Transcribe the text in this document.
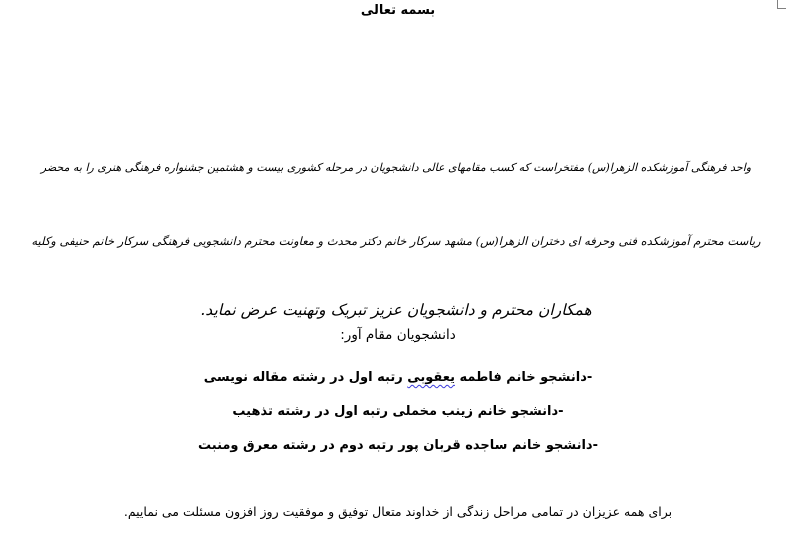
بسمه تعالی
واحد فرهنگی آموزشکده الزهرا(س) مفتخراست که کسب مقامهای عالی دانشجویان در مرحله کشوری بیست و هشتمین جشنواره فرهنگی هنری را به محضر
ریاست محترم آموزشکده فنی وحرفه ای دختران الزهرا(س) مشهد سرکار خانم دکتر محدث و معاونت محترم دانشجویی فرهنگی سرکار خانم حنیفی وکلیه
همکاران محترم و دانشجویان عزیز تبریک وتهنیت عرض نماید.
دانشجویان مقام آور:
-دانشجو خانم فاطمه یعقوبی رتبه اول در رشته مقاله نویسی
-دانشجو خانم زینب مخملی رتبه اول در رشته تذهیب
-دانشجو خانم ساجده قربان پور رتبه دوم در رشته معرق ومنبت
برای همه عزیزان در تمامی مراحل زندگی از خداوند متعال توفیق و موفقیت روز افزون مسئلت می نماییم.
